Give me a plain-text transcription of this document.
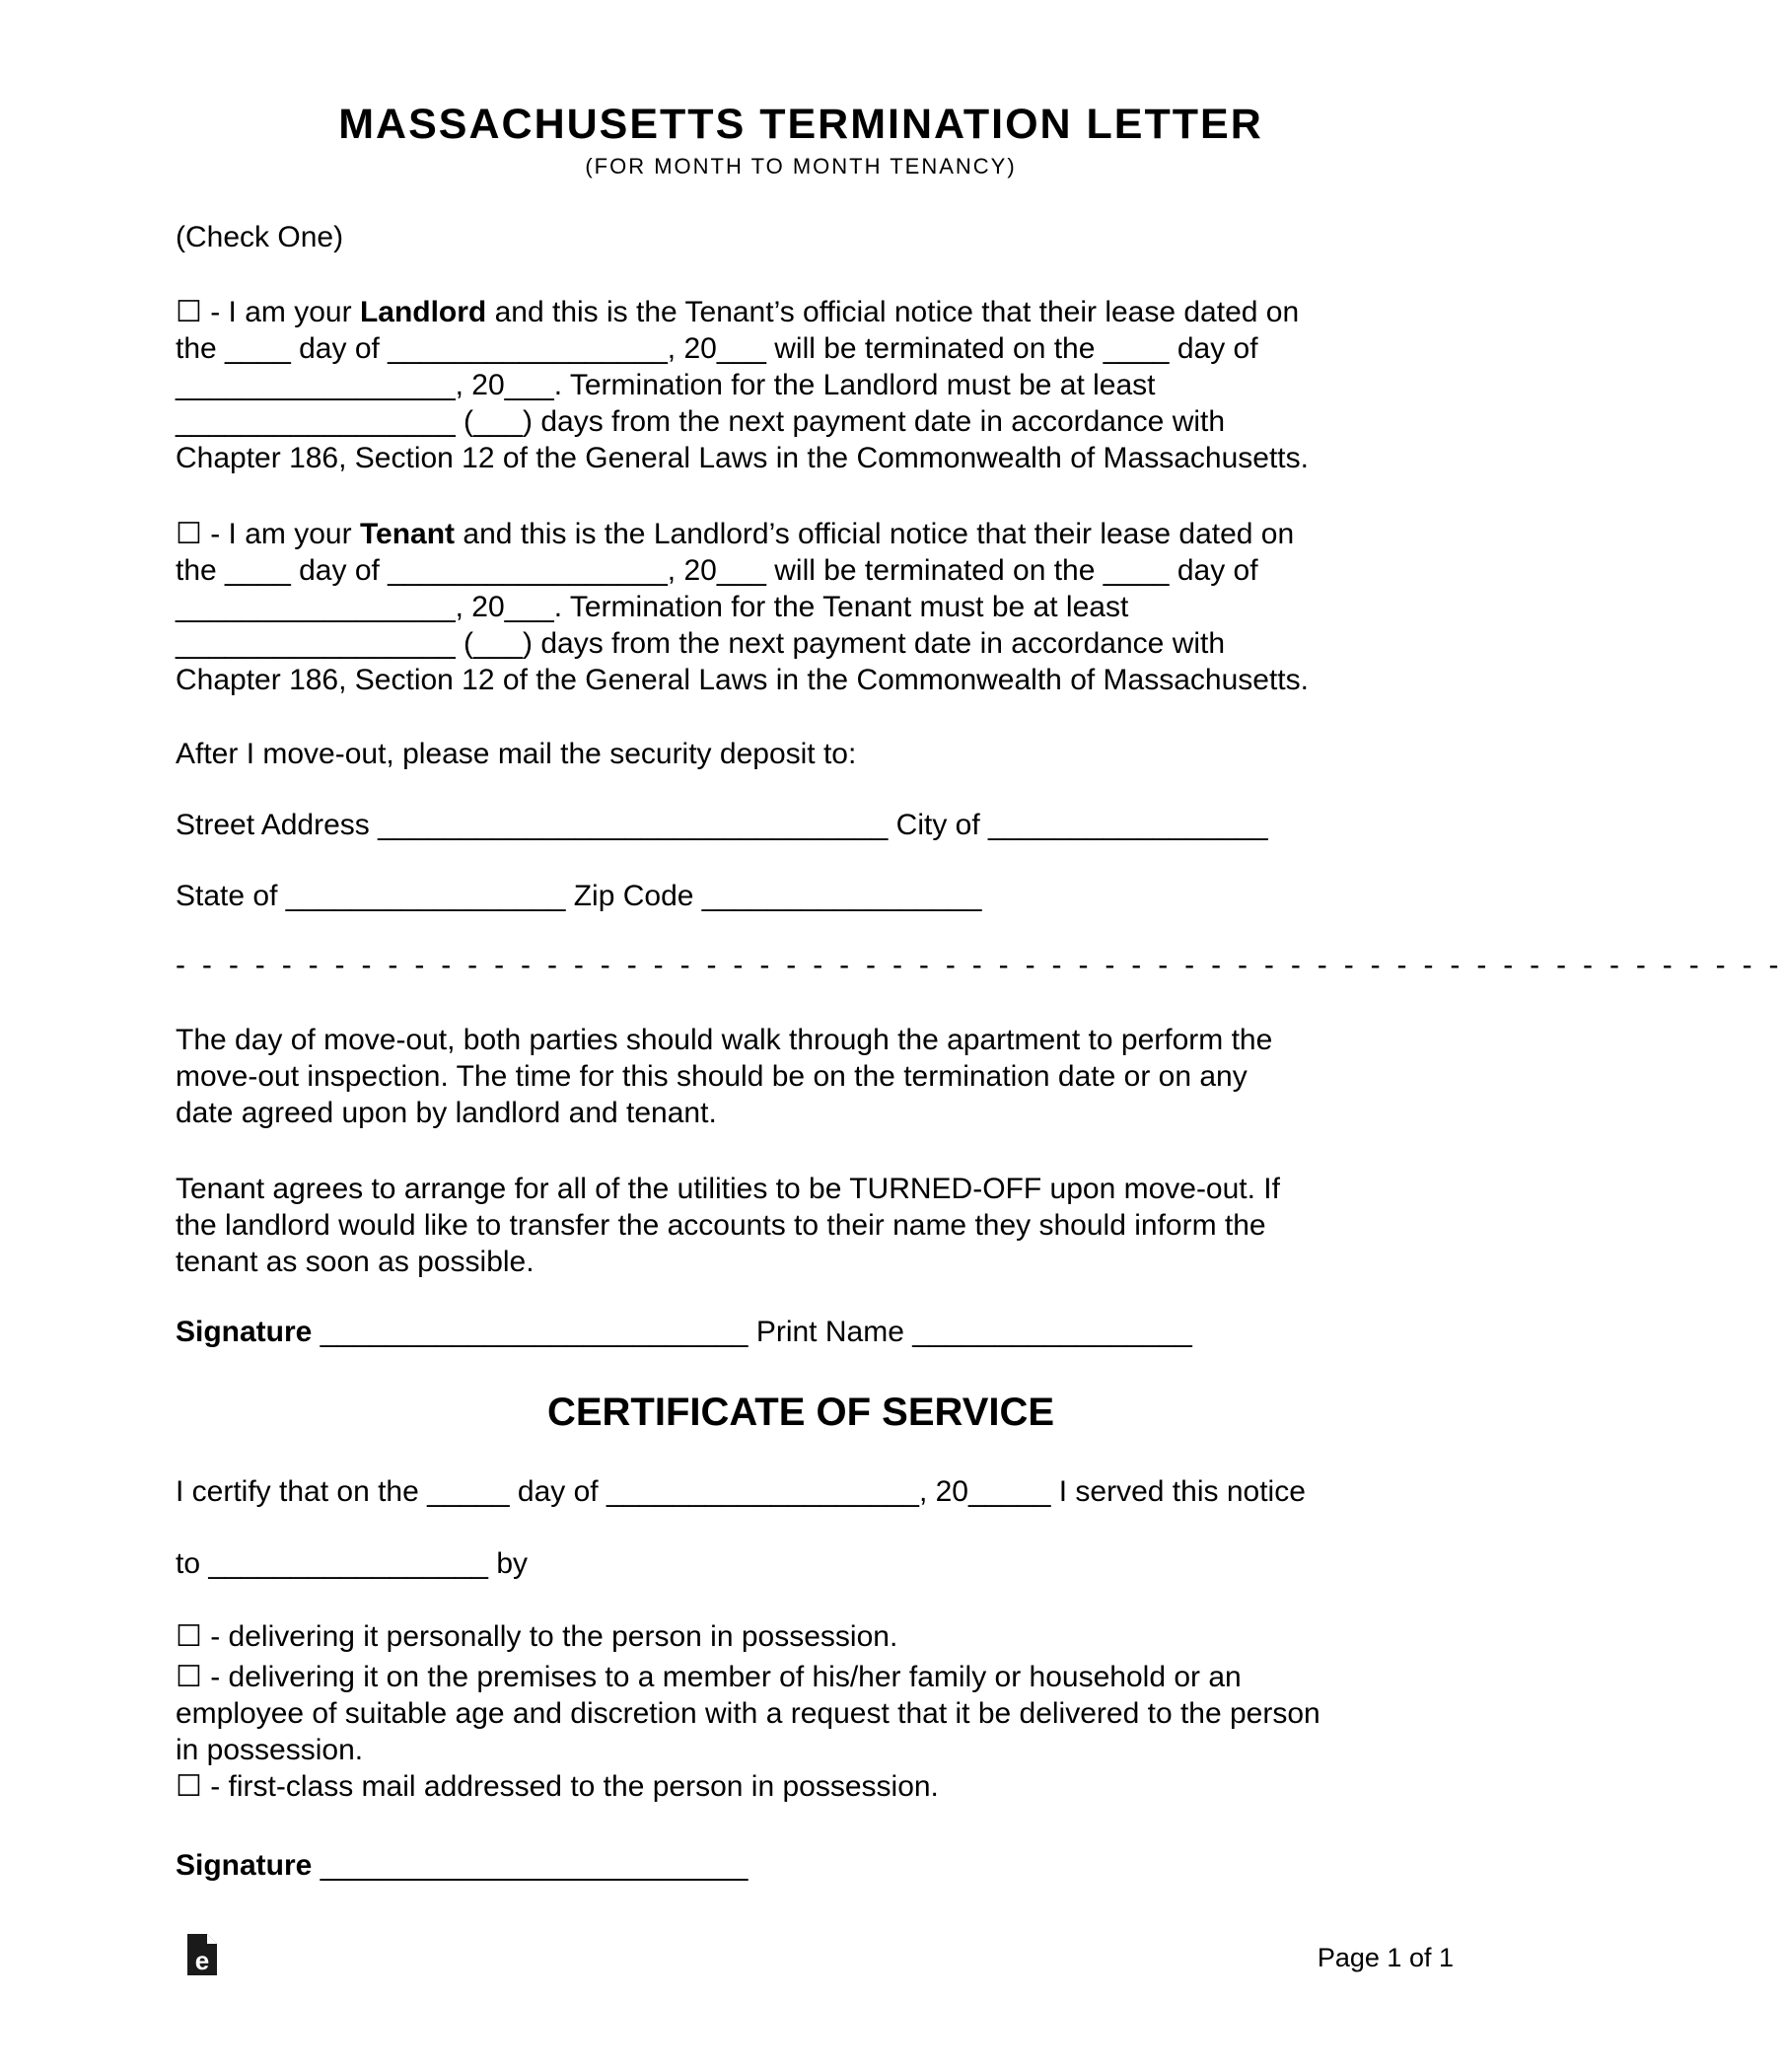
MASSACHUSETTS TERMINATION LETTER
(FOR MONTH TO MONTH TENANCY)
(Check One)
☐ - I am your Landlord and this is the Tenant’s official notice that their lease dated on
the ____ day of _________________, 20___ will be terminated on the ____ day of
_________________, 20___. Termination for the Landlord must be at least
_________________ (___) days from the next payment date in accordance with
Chapter 186, Section 12 of the General Laws in the Commonwealth of Massachusetts.
☐ - I am your Tenant and this is the Landlord’s official notice that their lease dated on
the ____ day of _________________, 20___ will be terminated on the ____ day of
_________________, 20___. Termination for the Tenant must be at least
_________________ (___) days from the next payment date in accordance with
Chapter 186, Section 12 of the General Laws in the Commonwealth of Massachusetts.
After I move-out, please mail the security deposit to:
Street Address _______________________________ City of _________________
State of _________________ Zip Code _________________
- - - - - - - - - - - - - - - - - - - - - - - - - - - - - - - - - - - - - - - - - - - - - - - - - - - - - - - - - - - - -
The day of move-out, both parties should walk through the apartment to perform the
move-out inspection. The time for this should be on the termination date or on any
date agreed upon by landlord and tenant.
Tenant agrees to arrange for all of the utilities to be TURNED-OFF upon move-out. If
the landlord would like to transfer the accounts to their name they should inform the
tenant as soon as possible.
Signature __________________________ Print Name _________________
CERTIFICATE OF SERVICE
I certify that on the _____ day of ___________________, 20_____ I served this notice
to _________________ by
☐ - delivering it personally to the person in possession.
☐ - delivering it on the premises to a member of his/her family or household or an
employee of suitable age and discretion with a request that it be delivered to the person
in possession.
☐ - first-class mail addressed to the person in possession.
Signature __________________________
e	Page 1 of 1
